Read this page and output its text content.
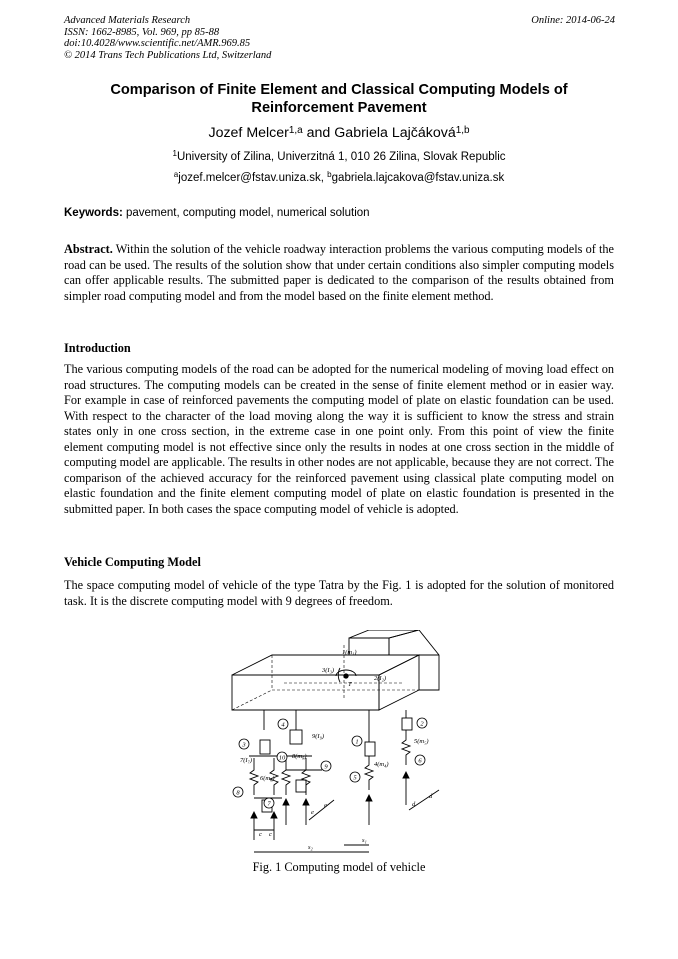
Advanced Materials Research
ISSN: 1662-8985, Vol. 969, pp 85-88
doi:10.4028/www.scientific.net/AMR.969.85
© 2014 Trans Tech Publications Ltd, Switzerland
Online: 2014-06-24
Comparison of Finite Element and Classical Computing Models of Reinforcement Pavement
Jozef Melcer$^{1,a}$ and Gabriela Lajčáková$^{1,b}$
$^1$University of Zilina, Univerzitná 1, 010 26 Zilina, Slovak Republic
$^a$jozef.melcer@fstav.uniza.sk, $^b$gabriela.lajcakova@fstav.uniza.sk
Keywords: pavement, computing model, numerical solution
Abstract. Within the solution of the vehicle roadway interaction problems the various computing models of the road can be used. The results of the solution show that under certain conditions also simpler computing models can offer applicable results. The submitted paper is dedicated to the comparison of the results obtained from simpler road computing model and from the model based on the finite element method.
Introduction
The various computing models of the road can be adopted for the numerical modeling of moving load effect on road structures. The computing models can be created in the sense of finite element method or in easier way. For example in case of reinforced pavements the computing model of plate on elastic foundation can be used. With respect to the character of the load moving along the way it is sufficient to know the stress and strain states only in one cross section, in the extreme case in one point only. From this point of view the finite element computing model is not effective since only the results in nodes at one cross section in the middle of computing model are applicable. The results in other nodes are not applicable, because they are not correct. The comparison of the achieved accuracy for the reinforced pavement using classical plate computing model on elastic foundation and the finite element computing model of plate on elastic foundation is presented in the submitted paper. In both cases the space computing model of vehicle is adopted.
Vehicle Computing Model
The space computing model of vehicle of the type Tatra by the Fig. 1 is adopted for the solution of monitored task. It is the discrete computing model with 9 degrees of freedom.
1
2
3
4
5
6
7
8
9
10
1(m₁)
3(I₃)
2(I₂)
T
9(I₉)
8(m₈)
7(I₇)
6(m₆)
5(m₅)
4(m₄)
e
e	d
d
c c
s₂
s₁
Fig. 1 Computing model of vehicle
